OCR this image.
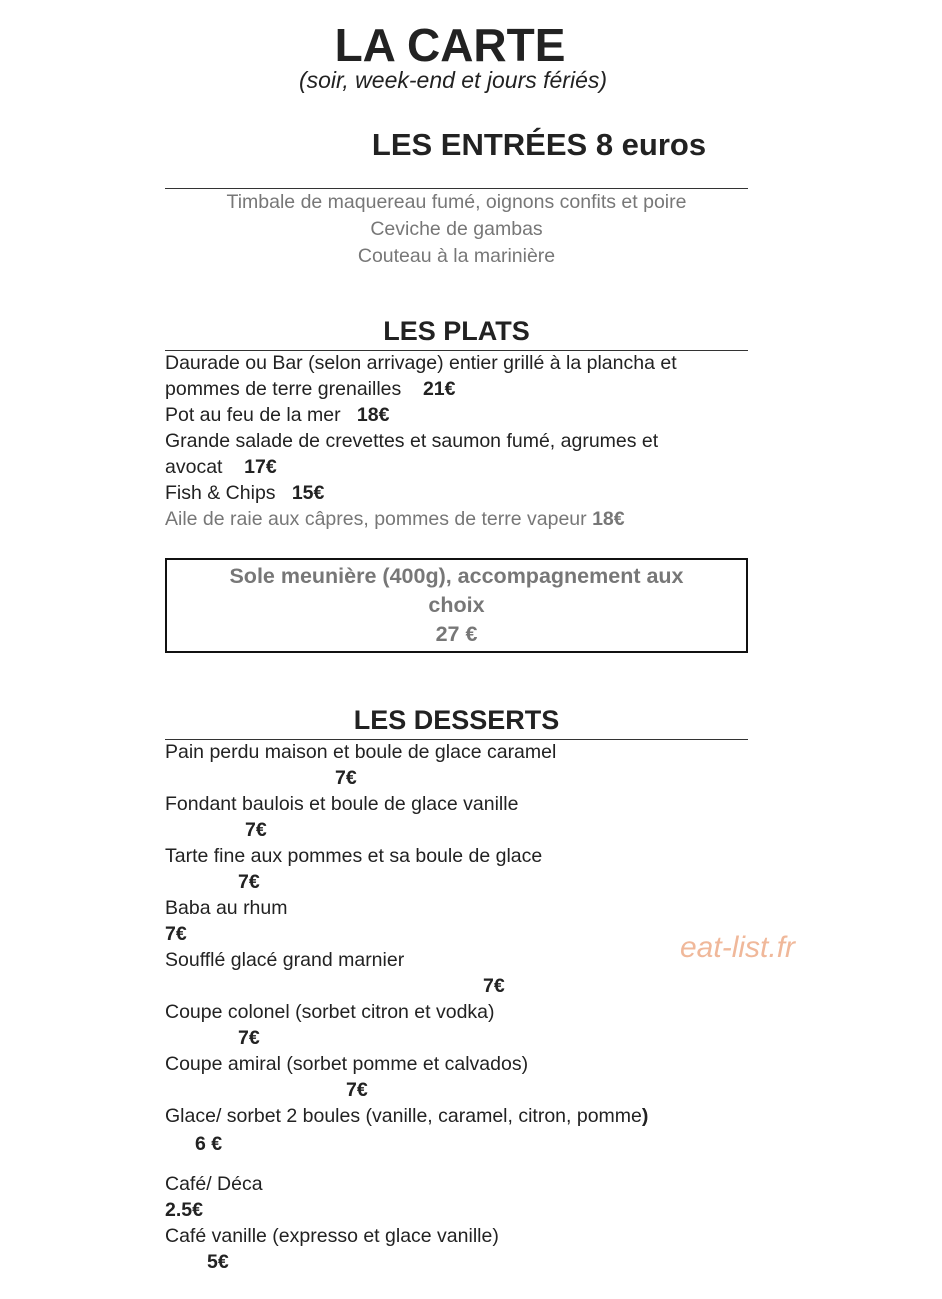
LA CARTE
(soir, week-end et jours fériés)
LES ENTRÉES 8 euros
Timbale de maquereau fumé, oignons confits et poire
Ceviche de gambas
Couteau à la marinière
LES PLATS
Daurade ou Bar (selon arrivage) entier grillé à la plancha et
pommes de terre grenailles 21€
Pot au feu de la mer 18€
Grande salade de crevettes et saumon fumé, agrumes et
avocat 17€
Fish & Chips 15€
Aile de raie aux câpres, pommes de terre vapeur 18€
Sole meunière (400g), accompagnement aux
choix
27 €
LES DESSERTS
Pain perdu maison et boule de glace caramel
7€
Fondant baulois et boule de glace vanille
7€
Tarte fine aux pommes et sa boule de glace
7€
Baba au rhum
7€
Soufflé glacé grand marnier
7€
Coupe colonel (sorbet citron et vodka)
7€
Coupe amiral (sorbet pomme et calvados)
7€
Glace/ sorbet 2 boules (vanille, caramel, citron, pomme)
6 €
Café/ Déca
2.5€
Café vanille (expresso et glace vanille)
5€
eat-list.fr
